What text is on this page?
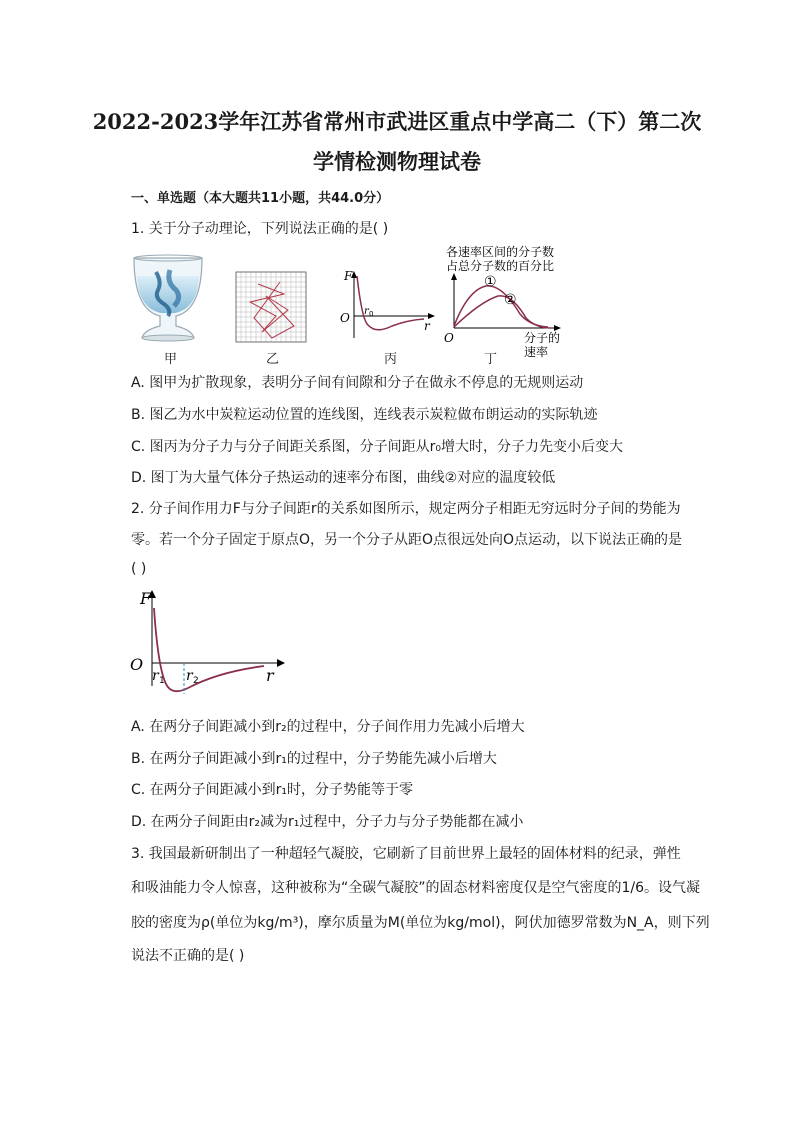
2022-2023学年江苏省常州市武进区重点中学高二（下）第二次
学情检测物理试卷
一、单选题（本大题共11小题，共44.0分）
1. 关于分子动理论，下列说法正确的是( )
F
O r 0
r
各速率区间的分子数
占总分子数的百分比
①
②
O	分子的
速率
甲	乙	丙	丁
A. 图甲为扩散现象，表明分子间有间隙和分子在做永不停息的无规则运动
B. 图乙为水中炭粒运动位置的连线图，连线表示炭粒做布朗运动的实际轨迹
C. 图丙为分子力与分子间距关系图，分子间距从r₀增大时，分子力先变小后变大
D. 图丁为大量气体分子热运动的速率分布图，曲线②对应的温度较低
2. 分子间作用力F与分子间距r的关系如图所示，规定两分子相距无穷远时分子间的势能为
零。若一个分子固定于原点O，另一个分子从距O点很远处向O点运动，以下说法正确的是
( )
F
O
r 1 r 2	r
A. 在两分子间距减小到r₂的过程中，分子间作用力先减小后增大
B. 在两分子间距减小到r₁的过程中，分子势能先减小后增大
C. 在两分子间距减小到r₁时，分子势能等于零
D. 在两分子间距由r₂减为r₁过程中，分子力与分子势能都在减小
3. 我国最新研制出了一种超轻气凝胶，它刷新了目前世界上最轻的固体材料的纪录，弹性
和吸油能力令人惊喜，这种被称为“全碳气凝胶”的固态材料密度仅是空气密度的1/6。设气凝
胶的密度为ρ(单位为kg/m³)，摩尔质量为M(单位为kg/mol)，阿伏加德罗常数为N_A，则下列
说法不正确的是( )
